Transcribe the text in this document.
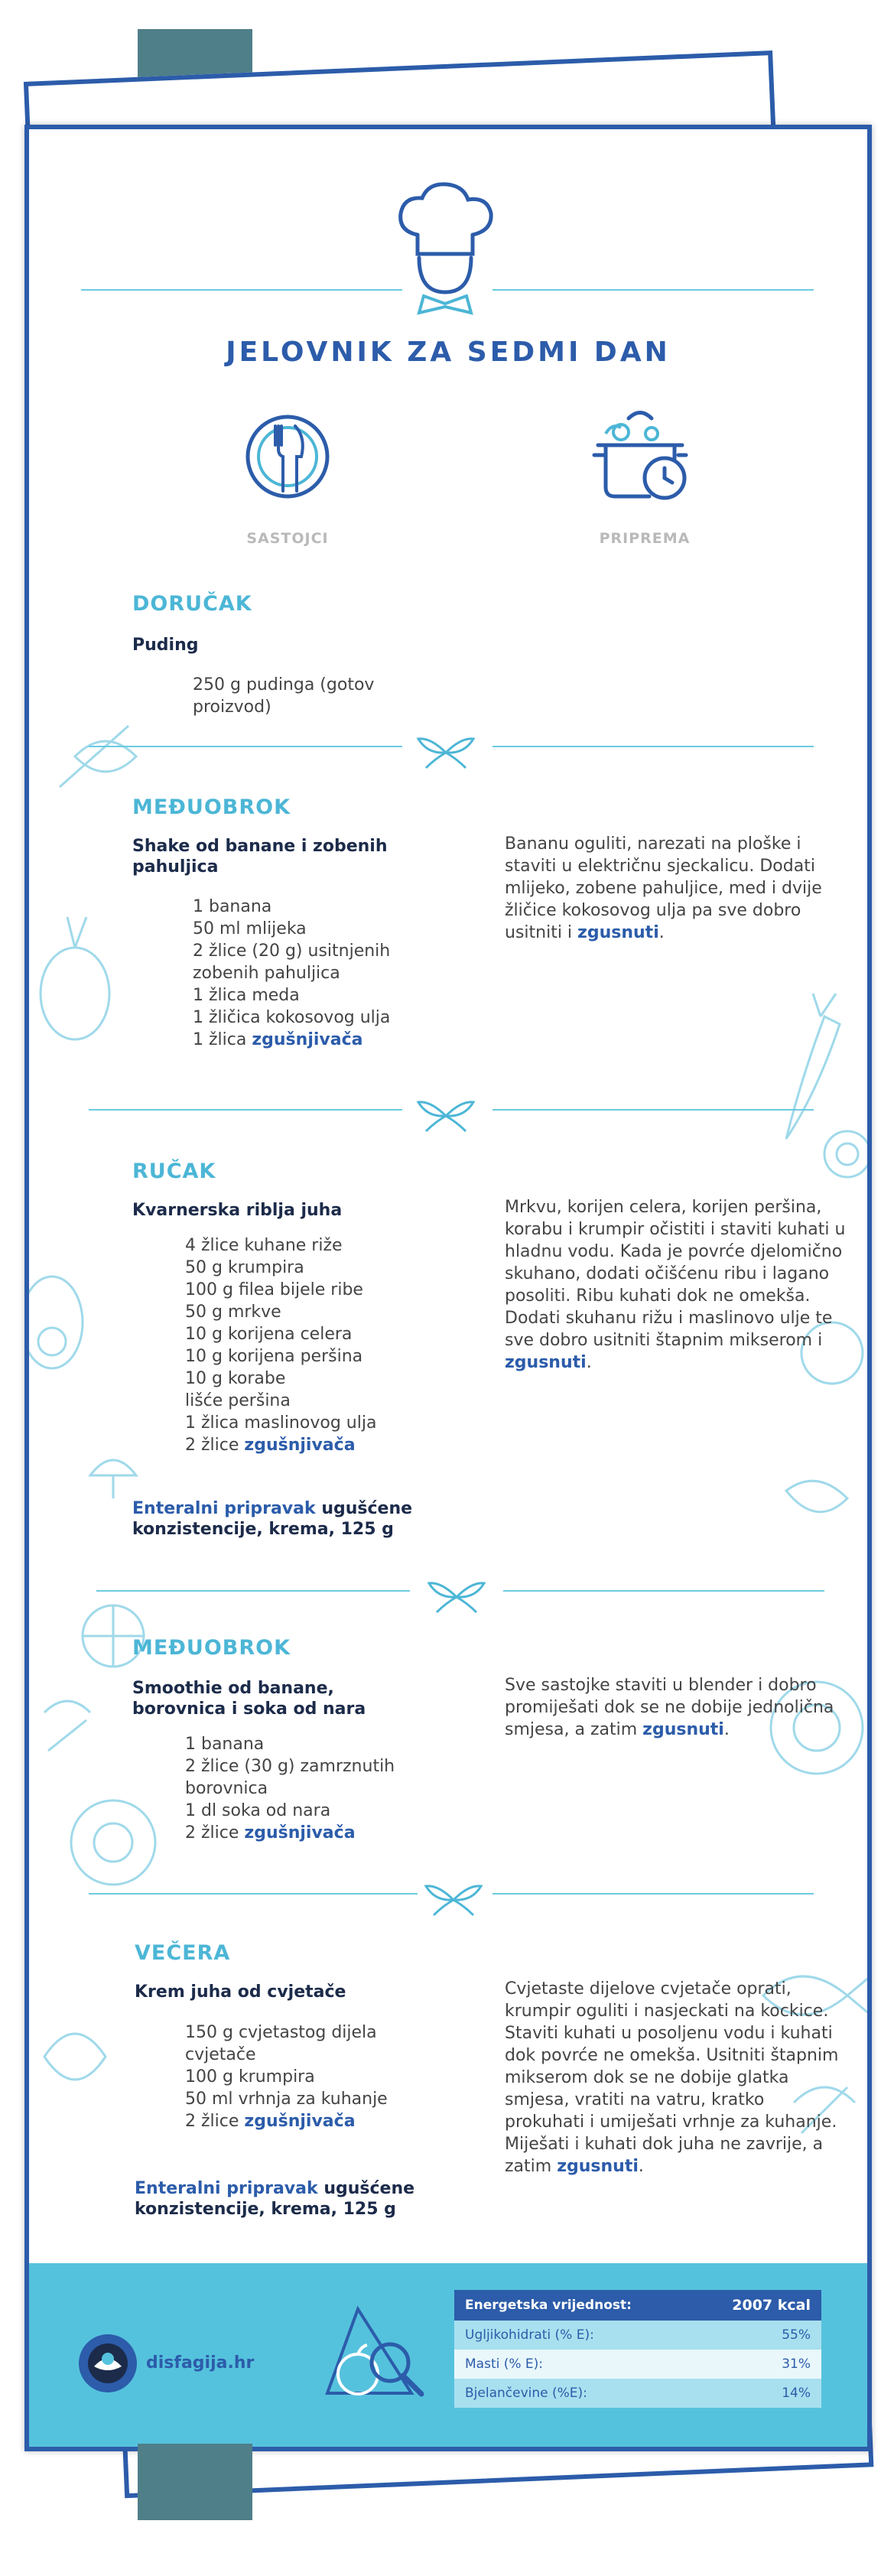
JELOVNIK ZA SEDMI DAN
SASTOJCI	PRIPREMA
DORUČAK
Puding
250 g pudinga (gotov proizvod)
MEĐUOBROK
Shake od banane i zobenih pahuljica
1 banana
50 ml mlijeka
2 žlice (20 g) usitnjenih zobenih pahuljica
1 žlica meda
1 žličica kokosovog ulja
1 žlica zgušnjivača
Bananu oguliti, narezati na ploške i staviti u električnu sjeckalicu. Dodati mlijeko, zobene pahuljice, med i dvije žličice kokosovog ulja pa sve dobro usitniti i zgusnuti.
RUČAK
Kvarnerska riblja juha
4 žlice kuhane riže
50 g krumpira
100 g filea bijele ribe
50 g mrkve
10 g korijena celera
10 g korijena peršina
10 g korabe
lišće peršina
1 žlica maslinovog ulja
2 žlice zgušnjivača
Mrkvu, korijen celera, korijen peršina, korabu i krumpir očistiti i staviti kuhati u hladnu vodu. Kada je povrće djelomično skuhano, dodati očišćenu ribu i lagano posoliti. Ribu kuhati dok ne omekša. Dodati skuhanu rižu i maslinovo ulje te sve dobro usitniti štapnim mikserom i zgusnuti.
Enteralni pripravak ugušćene konzistencije, krema, 125 g
MEĐUOBROK
Smoothie od banane, borovnica i soka od nara
1 banana
2 žlice (30 g) zamrznutih borovnica
1 dl soka od nara
2 žlice zgušnjivača
Sve sastojke staviti u blender i dobro promiješati dok se ne dobije jednolična smjesa, a zatim zgusnuti.
VEČERA
Krem juha od cvjetače
150 g cvjetastog dijela cvjetače
100 g krumpira
50 ml vrhnja za kuhanje
2 žlice zgušnjivača
Cvjetaste dijelove cvjetače oprati, krumpir oguliti i nasjeckati na kockice. Staviti kuhati u posoljenu vodu i kuhati dok povrće ne omekša. Usitniti štapnim mikserom dok se ne dobije glatka smjesa, vratiti na vatru, kratko prokuhati i umiješati vrhnje za kuhanje. Miješati i kuhati dok juha ne zavrije, a zatim zgusnuti.
Enteralni pripravak ugušćene konzistencije, krema, 125 g
disfagija.hr
Energetska vrijednost:	2007 kcal
Ugljikohidrati (% E):	55%
Masti (% E):	31%
Bjelančevine (%E):	14%
